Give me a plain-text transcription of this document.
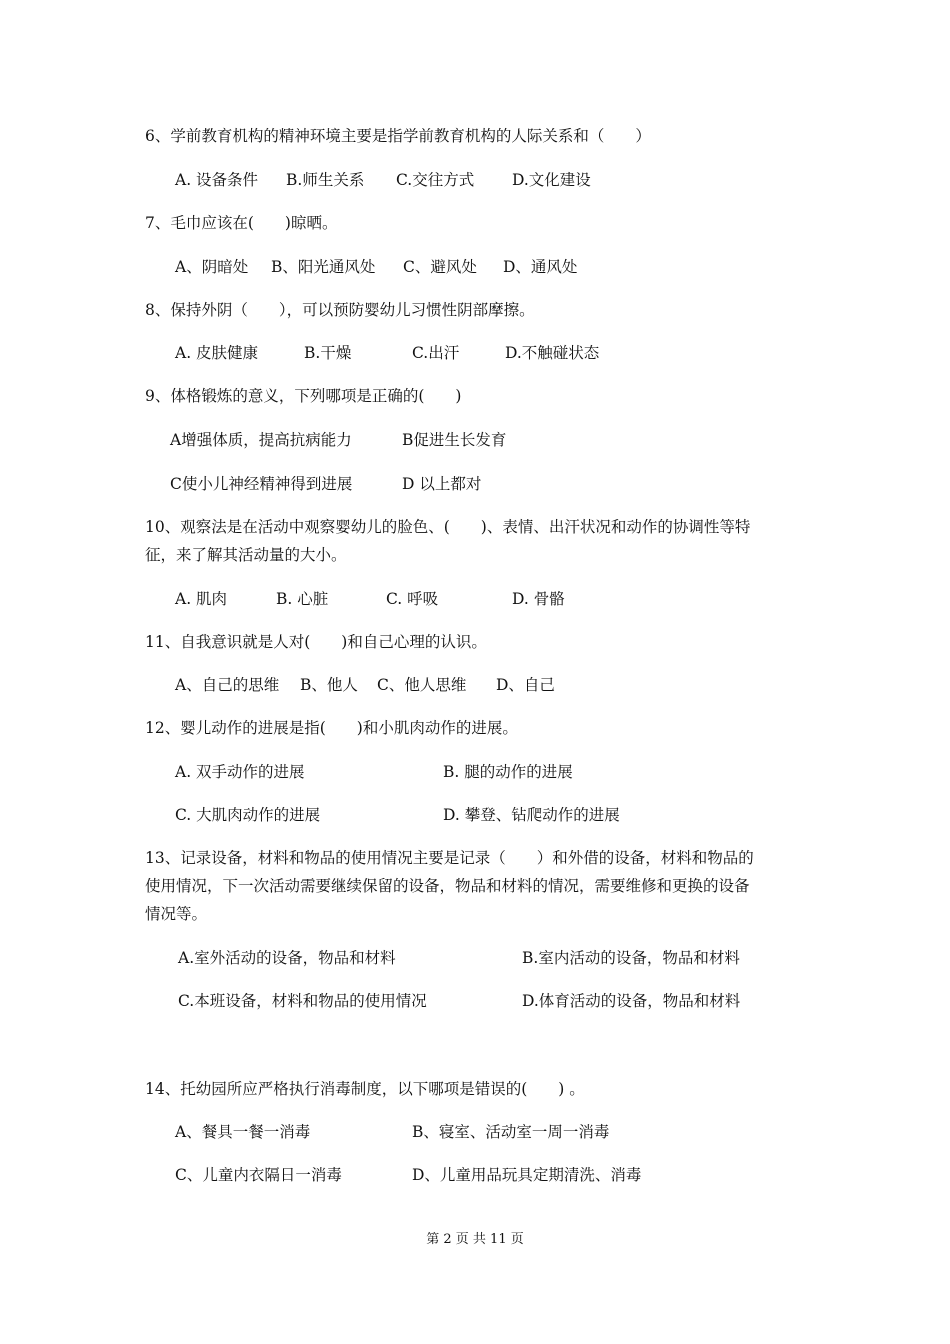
6、学前教育机构的精神环境主要是指学前教育机构的人际关系和（　　）
A. 设备条件 B.师生关系 C.交往方式 D.文化建设
7、毛巾应该在(　　)晾晒。
A、阴暗处 B、阳光通风处 C、避风处 D、通风处
8、保持外阴（　　），可以预防婴幼儿习惯性阴部摩擦。
A. 皮肤健康	B.干燥	C.出汗	D.不触碰状态
9、体格锻炼的意义，下列哪项是正确的(　　)
A增强体质，提高抗病能力	B促进生长发育
C使小儿神经精神得到进展	D 以上都对
10、观察法是在活动中观察婴幼儿的脸色、(　　)、表情、出汗状况和动作的协调性等特
征，来了解其活动量的大小。
A. 肌肉	B. 心脏	C. 呼吸	D. 骨骼
11、自我意识就是人对(　　)和自己心理的认识。
A、自己的思维 B、他人 C、他人思维 D、自己
12、婴儿动作的进展是指(　　)和小肌肉动作的进展。
A. 双手动作的进展	B. 腿的动作的进展
C. 大肌肉动作的进展	D. 攀登、钻爬动作的进展
13、记录设备，材料和物品的使用情况主要是记录（　　）和外借的设备，材料和物品的
使用情况，下一次活动需要继续保留的设备，物品和材料的情况，需要维修和更换的设备
情况等。
A.室外活动的设备，物品和材料	B.室内活动的设备，物品和材料
C.本班设备，材料和物品的使用情况	D.体育活动的设备，物品和材料
14、托幼园所应严格执行消毒制度，以下哪项是错误的(　　) 。
A、餐具一餐一消毒	B、寝室、活动室一周一消毒
C、儿童内衣隔日一消毒	D、儿童用品玩具定期清洗、消毒
第 2 页 共 11 页
